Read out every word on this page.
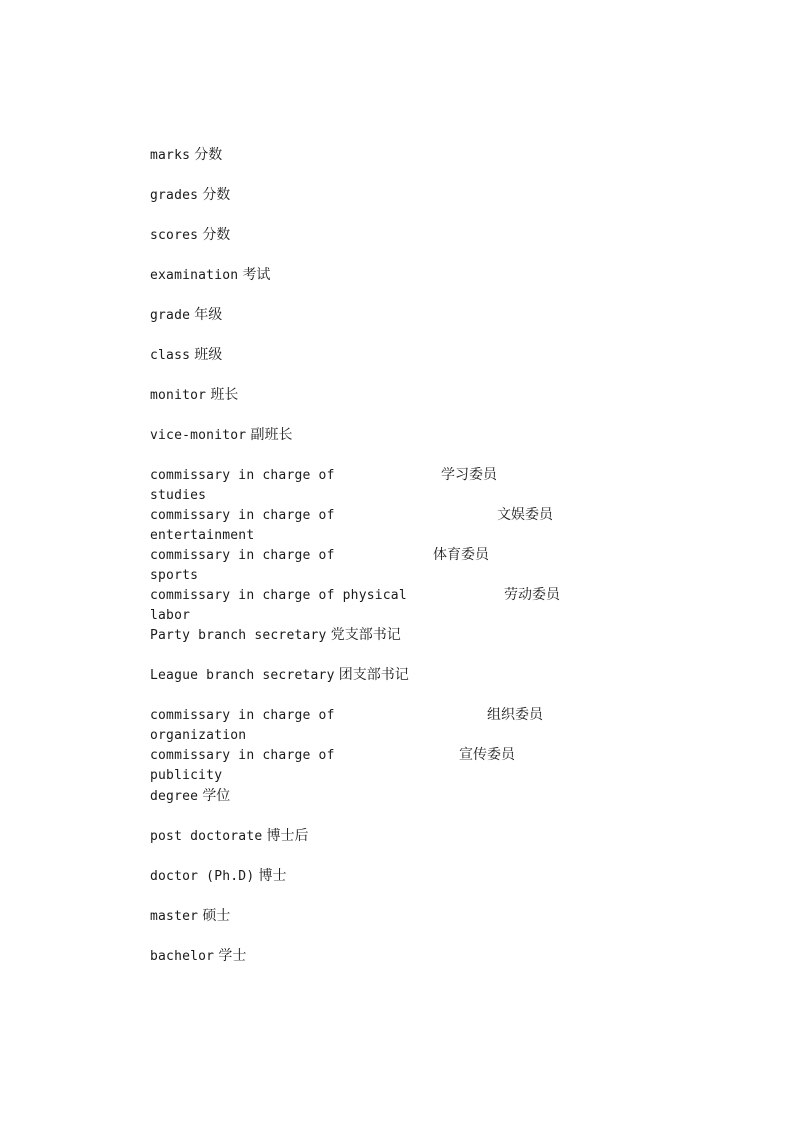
marks 分数
grades 分数
scores 分数
examination 考试
grade 年级
class 班级
monitor 班长
vice-monitor 副班长
commissary in charge of	学习委员
studies
commissary in charge of	文娱委员
entertainment
commissary in charge of	体育委员
sports
commissary in charge of physical	劳动委员
labor
Party branch secretary 党支部书记
League branch secretary 团支部书记
commissary in charge of	组织委员
organization
commissary in charge of	宣传委员
publicity
degree 学位
post doctorate 博士后
doctor (Ph.D) 博士
master 硕士
bachelor 学士
